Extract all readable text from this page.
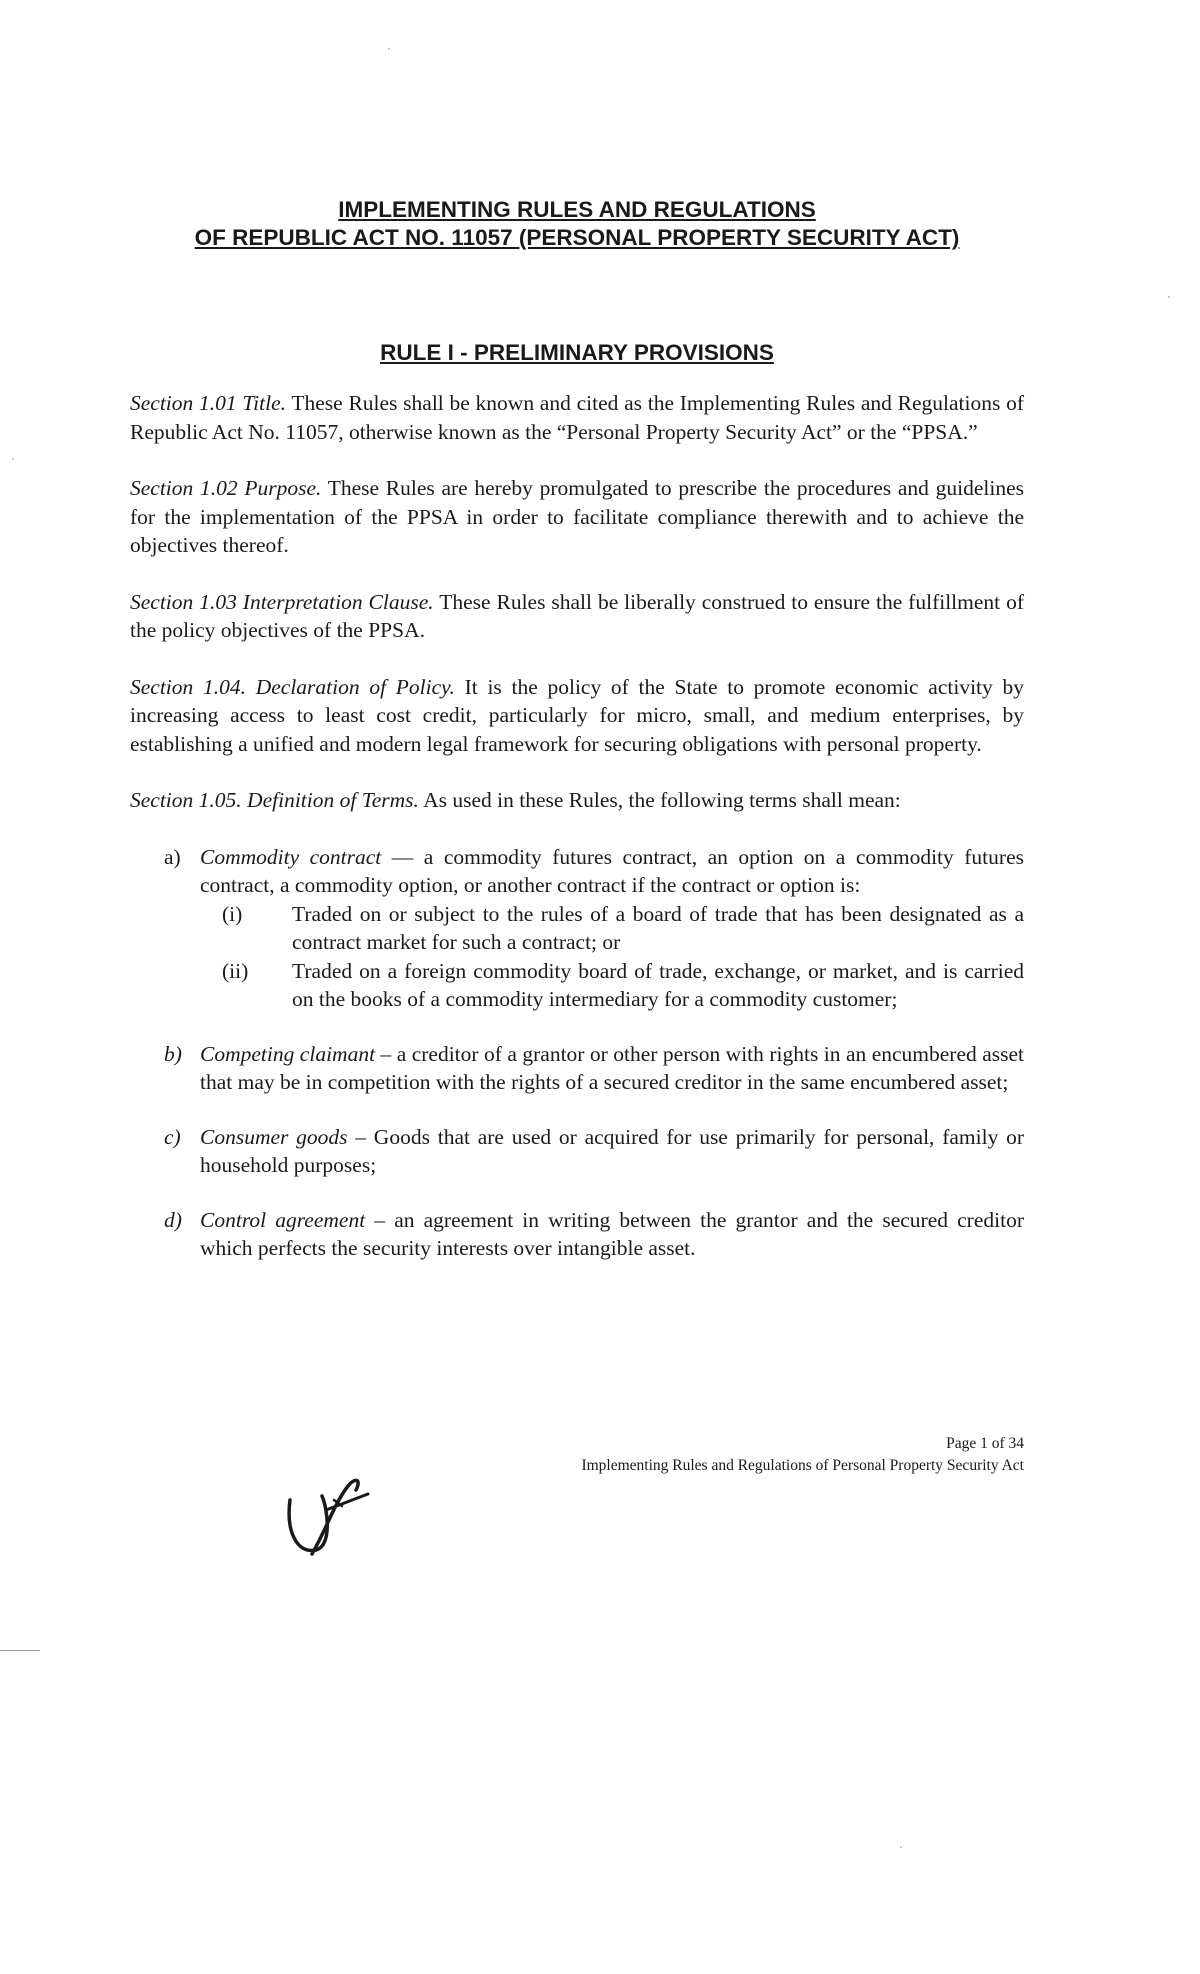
IMPLEMENTING RULES AND REGULATIONS

OF REPUBLIC ACT NO. 11057 (PERSONAL PROPERTY SECURITY ACT)

RULE I - PRELIMINARY PROVISIONS

Section 1.01 Title. These Rules shall be known and cited as the Implementing Rules and Regulations of Republic Act No. 11057, otherwise known as the “Personal Property Security Act” or the “PPSA.”

Section 1.02 Purpose. These Rules are hereby promulgated to prescribe the procedures and guidelines for the implementation of the PPSA in order to facilitate compliance therewith and to achieve the objectives thereof.

Section 1.03 Interpretation Clause. These Rules shall be liberally construed to ensure the fulfillment of the policy objectives of the PPSA.

Section 1.04. Declaration of Policy. It is the policy of the State to promote economic activity by increasing access to least cost credit, particularly for micro, small, and medium enterprises, by establishing a unified and modern legal framework for securing obligations with personal property.

Section 1.05. Definition of Terms. As used in these Rules, the following terms shall mean:

a) Commodity contract — a commodity futures contract, an option on a commodity futures contract, a commodity option, or another contract if the contract or option is:
(i)	Traded on or subject to the rules of a board of trade that has been designated as a contract market for such a contract; or
(ii)	Traded on a foreign commodity board of trade, exchange, or market, and is carried on the books of a commodity intermediary for a commodity customer;
b) Competing claimant – a creditor of a grantor or other person with rights in an encumbered asset that may be in competition with the rights of a secured creditor in the same encumbered asset;
c) Consumer goods – Goods that are used or acquired for use primarily for personal, family or household purposes;
d) Control agreement – an agreement in writing between the grantor and the secured creditor which perfects the security interests over intangible asset.
Page 1 of 34
Implementing Rules and Regulations of Personal Property Security Act
